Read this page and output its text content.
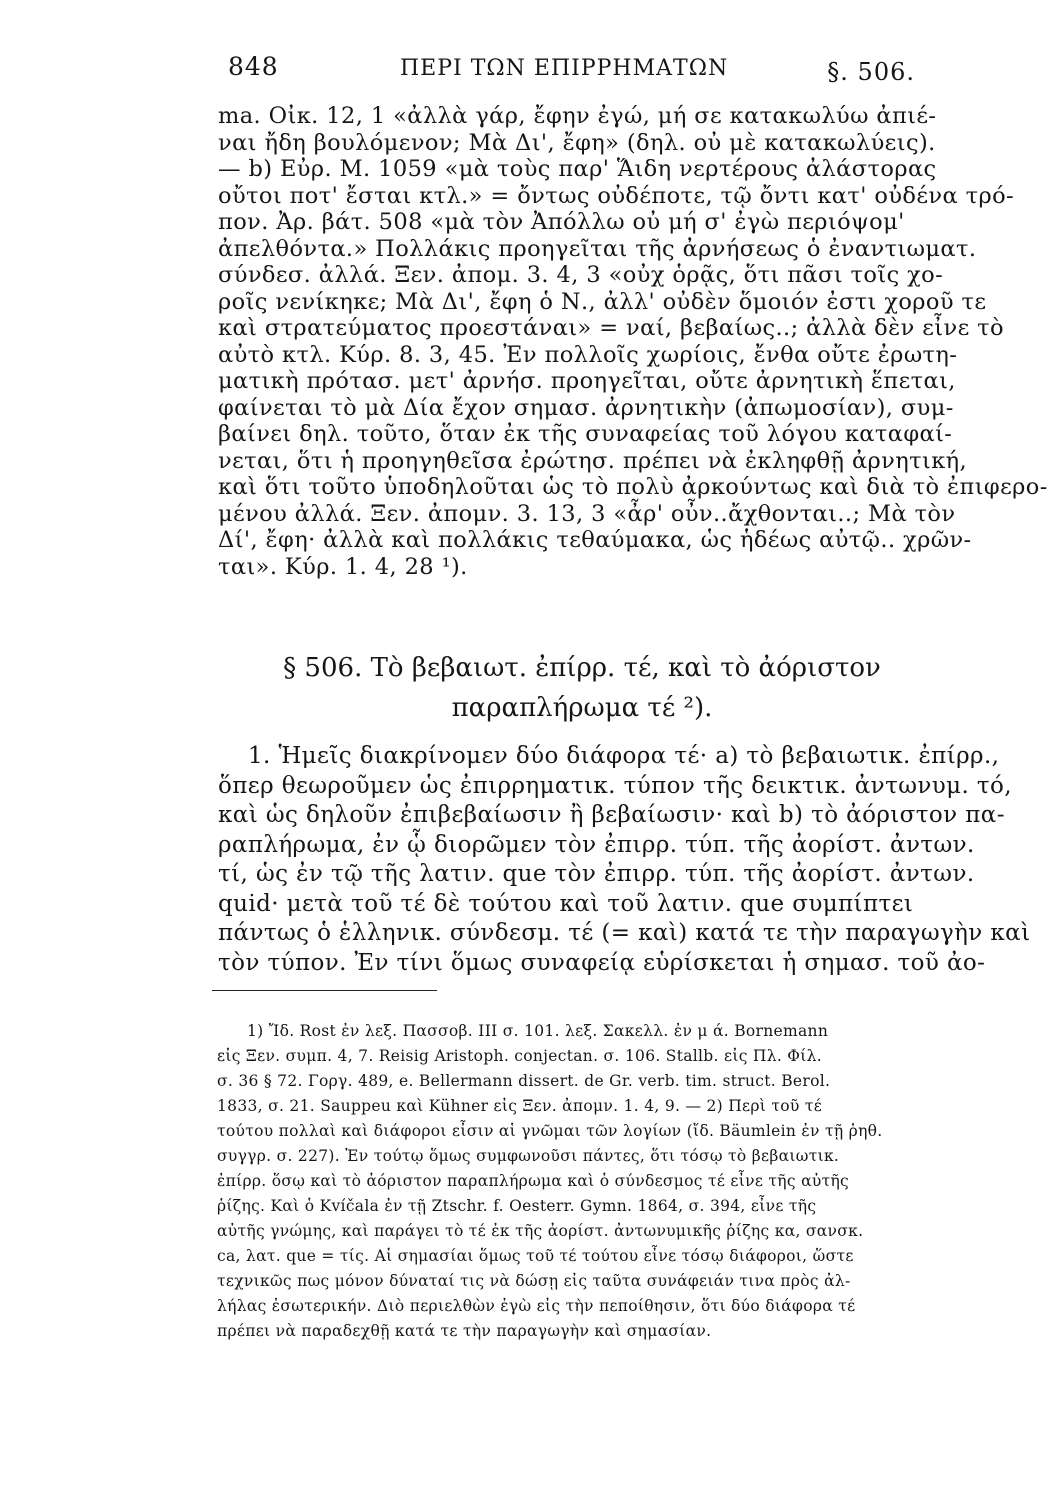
848	ΠΕΡΙ ΤΩΝ ΕΠΙΡΡΗΜΑΤΩΝ	§. 506.
ma. Οἰκ. 12, 1 «ἀλλὰ γάρ, ἔφην ἐγώ, μή σε κατακωλύω ἀπιέ-
ναι ἤδη βουλόμενον; Μὰ Δι', ἔφη» (δηλ. οὐ μὲ κατακωλύεις).
— b) Εὐρ. Μ. 1059 «μὰ τοὺς παρ' Ἅιδη νερτέρους ἀλάστορας
οὔτοι ποτ' ἔσται κτλ.» = ὄντως οὐδέποτε, τῷ ὄντι κατ' οὐδένα τρό-
πον. Ἀρ. βάτ. 508 «μὰ τὸν Ἀπόλλω οὐ μή σ' ἐγὼ περιόψομ'
ἀπελθόντα.» Πολλάκις προηγεῖται τῆς ἀρνήσεως ὁ ἐναντιωματ.
σύνδεσ. ἀλλά. Ξεν. ἀπομ. 3. 4, 3 «οὐχ ὁρᾷς, ὅτι πᾶσι τοῖς χο-
ροῖς νενίκηκε; Μὰ Δι', ἔφη ὁ Ν., ἀλλ' οὐδὲν ὅμοιόν ἐστι χοροῦ τε
καὶ στρατεύματος προεστάναι» = ναί, βεβαίως..; ἀλλὰ δὲν εἶνε τὸ
αὐτὸ κτλ. Κύρ. 8. 3, 45. Ἐν πολλοῖς χωρίοις, ἔνθα οὔτε ἐρωτη-
ματικὴ πρότασ. μετ' ἀρνήσ. προηγεῖται, οὔτε ἀρνητικὴ ἕπεται,
φαίνεται τὸ μὰ Δία ἔχον σημασ. ἀρνητικὴν (ἀπωμοσίαν), συμ-
βαίνει δηλ. τοῦτο, ὅταν ἐκ τῆς συναφείας τοῦ λόγου καταφαί-
νεται, ὅτι ἡ προηγηθεῖσα ἐρώτησ. πρέπει νὰ ἐκληφθῇ ἀρνητική,
καὶ ὅτι τοῦτο ὑποδηλοῦται ὡς τὸ πολὺ ἀρκούντως καὶ διὰ τὸ ἐπιφερο-
μένου ἀλλά. Ξεν. ἀπομν. 3. 13, 3 «ἆρ' οὖν..ἄχθονται..; Μὰ τὸν
Δί', ἔφη· ἀλλὰ καὶ πολλάκις τεθαύμακα, ὡς ἡδέως αὐτῷ.. χρῶν-
ται». Κύρ. 1. 4, 28 ¹).
§ 506. Τὸ βεβαιωτ. ἐπίρρ. τέ, καὶ τὸ ἀόριστον
παραπλήρωμα τέ ²).
1. Ἡμεῖς διακρίνομεν δύο διάφορα τέ· a) τὸ βεβαιωτικ. ἐπίρρ.,
ὅπερ θεωροῦμεν ὡς ἐπιρρηματικ. τύπον τῆς δεικτικ. ἀντωνυμ. τό,
καὶ ὡς δηλοῦν ἐπιβεβαίωσιν ἢ βεβαίωσιν· καὶ b) τὸ ἀόριστον πα-
ραπλήρωμα, ἐν ᾧ διορῶμεν τὸν ἐπιρρ. τύπ. τῆς ἀορίστ. ἀντων.
τί, ὡς ἐν τῷ τῆς λατιν. que τὸν ἐπιρρ. τύπ. τῆς ἀορίστ. ἀντων.
quid· μετὰ τοῦ τέ δὲ τούτου καὶ τοῦ λατιν. que συμπίπτει
πάντως ὁ ἑλληνικ. σύνδεσμ. τέ (= καὶ) κατά τε τὴν παραγωγὴν καὶ
τὸν τύπον. Ἐν τίνι ὅμως συναφείᾳ εὑρίσκεται ἡ σημασ. τοῦ ἀο-
1) Ἴδ. Rost ἐν λεξ. Πασσοβ. III σ. 101. λεξ. Σακελλ. ἐν μ ά. Bornemann
εἰς Ξεν. συμπ. 4, 7. Reisig Aristoph. conjectan. σ. 106. Stallb. εἰς Πλ. Φίλ.
σ. 36 § 72. Γοργ. 489, e. Bellermann dissert. de Gr. verb. tim. struct. Berol.
1833, σ. 21. Sauppeu καὶ Kühner εἰς Ξεν. ἀπομν. 1. 4, 9. — 2) Περὶ τοῦ τέ
τούτου πολλαὶ καὶ διάφοροι εἶσιν αἱ γνῶμαι τῶν λογίων (ἴδ. Bäumlein ἐν τῇ ῥηθ.
συγγρ. σ. 227). Ἐν τούτῳ ὅμως συμφωνοῦσι πάντες, ὅτι τόσῳ τὸ βεβαιωτικ.
ἐπίρρ. ὅσῳ καὶ τὸ ἀόριστον παραπλήρωμα καὶ ὁ σύνδεσμος τέ εἶνε τῆς αὐτῆς
ῥίζης. Καὶ ὁ Kvíčala ἐν τῇ Ztschr. f. Oesterr. Gymn. 1864, σ. 394, εἶνε τῆς
αὐτῆς γνώμης, καὶ παράγει τὸ τέ ἐκ τῆς ἀορίστ. ἀντωνυμικῆς ῥίζης κα, σανσκ.
ca, λατ. que = τίς. Αἱ σημασίαι ὅμως τοῦ τέ τούτου εἶνε τόσῳ διάφοροι, ὥστε
τεχνικῶς πως μόνον δύναταί τις νὰ δώσῃ εἰς ταῦτα συνάφειάν τινα πρὸς ἀλ-
λήλας ἐσωτερικήν. Διὸ περιελθὼν ἐγὼ εἰς τὴν πεποίθησιν, ὅτι δύο διάφορα τέ
πρέπει νὰ παραδεχθῇ κατά τε τὴν παραγωγὴν καὶ σημασίαν.
